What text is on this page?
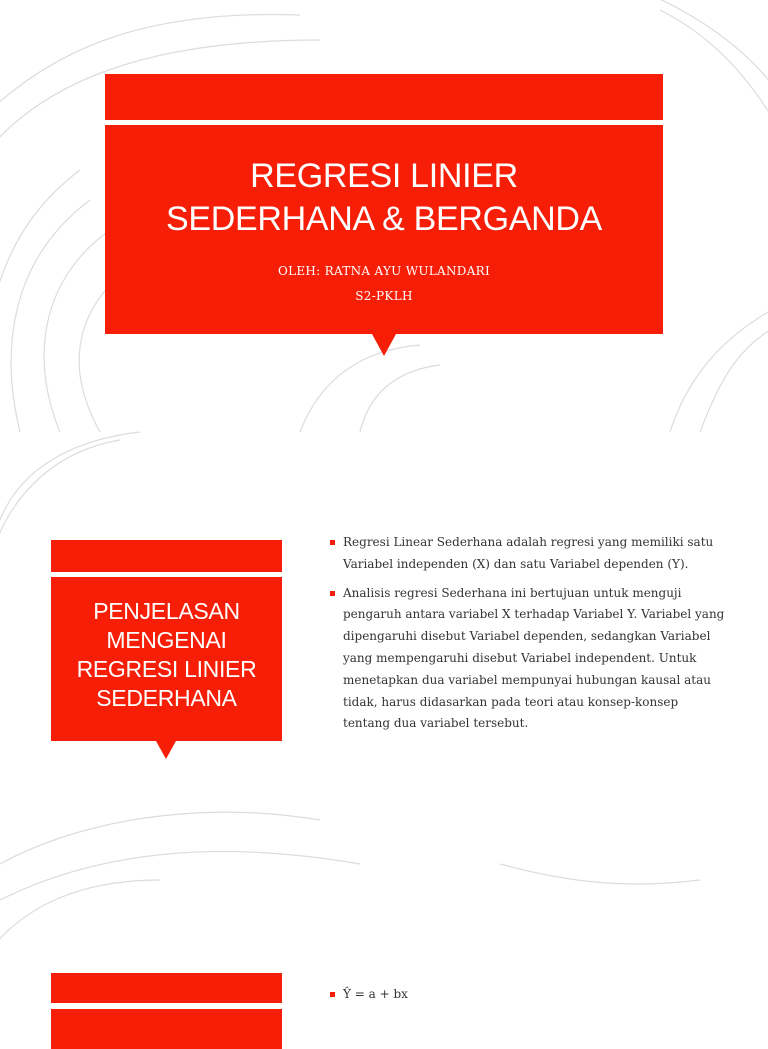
REGRESI LINIER
SEDERHANA & BERGANDA
OLEH: RATNA AYU WULANDARI
S2-PKLH
PENJELASAN
MENGENAI
REGRESI LINIER
SEDERHANA
Regresi Linear Sederhana adalah regresi yang memiliki satu Variabel independen (X) dan satu Variabel dependen (Y).
Analisis regresi Sederhana ini bertujuan untuk menguji pengaruh antara variabel X terhadap Variabel Y. Variabel yang dipengaruhi disebut Variabel dependen, sedangkan Variabel yang mempengaruhi disebut Variabel independent. Untuk menetapkan dua variabel mempunyai hubungan kausal atau tidak, harus didasarkan pada teori atau konsep-konsep tentang dua variabel tersebut.
Ŷ = a + bx
